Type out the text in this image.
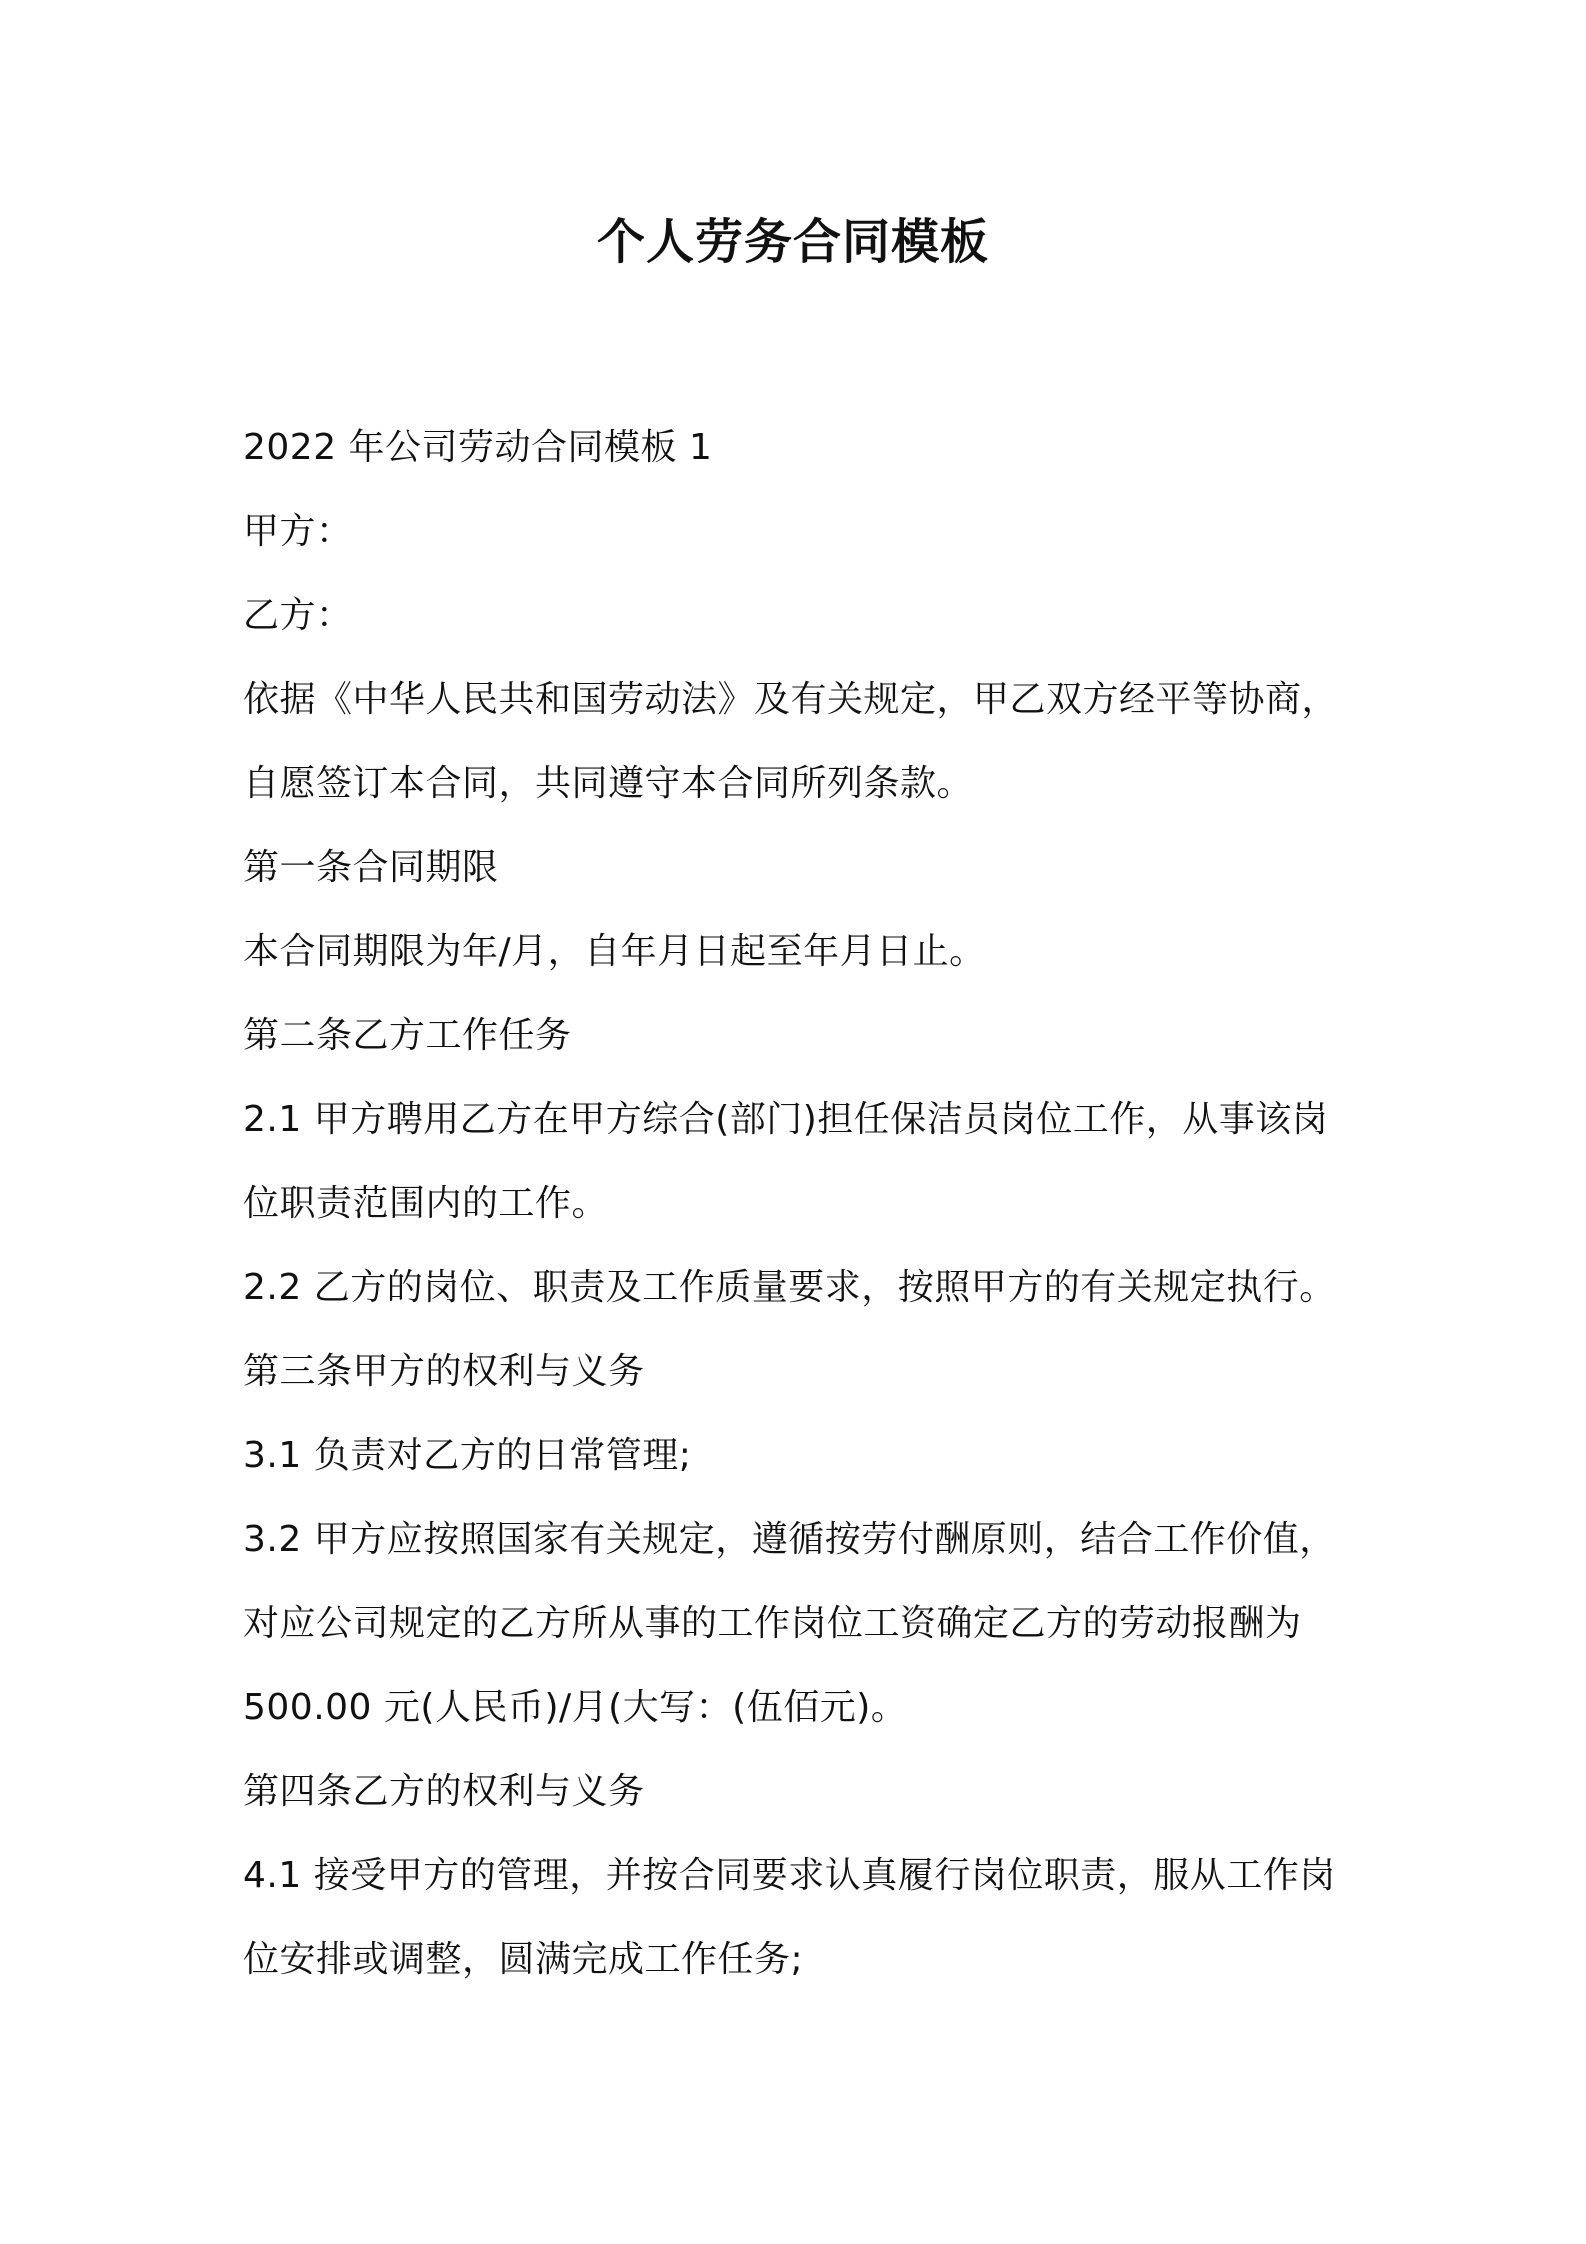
个人劳务合同模板
2022 年公司劳动合同模板 1
甲方：
乙方：
依据《中华人民共和国劳动法》及有关规定，甲乙双方经平等协商，
自愿签订本合同，共同遵守本合同所列条款。
第一条合同期限
本合同期限为年/月，自年月日起至年月日止。
第二条乙方工作任务
2.1 甲方聘用乙方在甲方综合(部门)担任保洁员岗位工作，从事该岗
位职责范围内的工作。
2.2 乙方的岗位、职责及工作质量要求，按照甲方的有关规定执行。
第三条甲方的权利与义务
3.1 负责对乙方的日常管理;
3.2 甲方应按照国家有关规定，遵循按劳付酬原则，结合工作价值，
对应公司规定的乙方所从事的工作岗位工资确定乙方的劳动报酬为
500.00 元(人民币)/月(大写：(伍佰元)。
第四条乙方的权利与义务
4.1 接受甲方的管理，并按合同要求认真履行岗位职责，服从工作岗
位安排或调整，圆满完成工作任务;
